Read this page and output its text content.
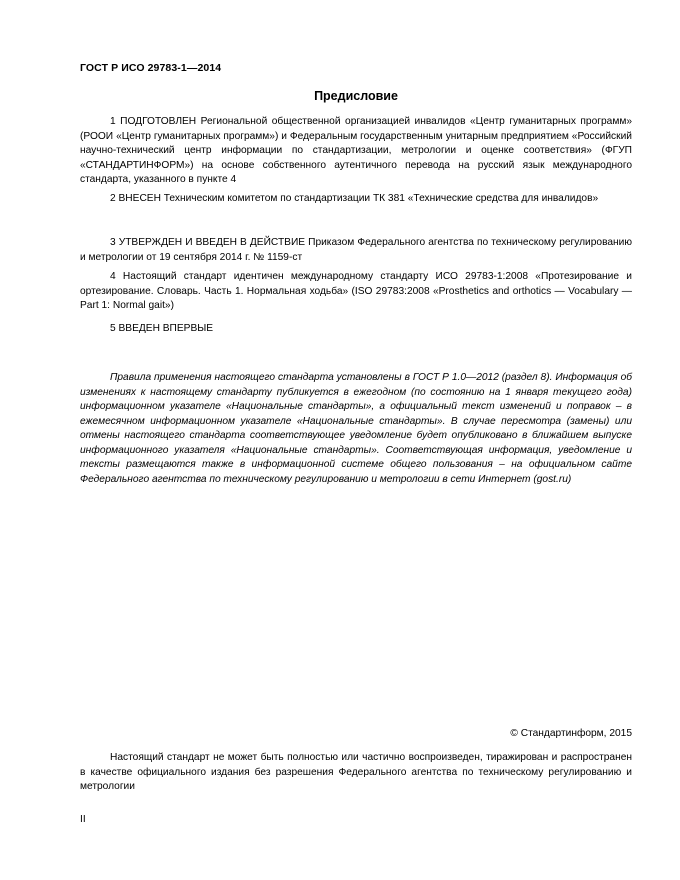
ГОСТ Р ИСО 29783-1—2014
Предисловие

1 ПОДГОТОВЛЕН Региональной общественной организацией инвалидов «Центр гуманитарных программ» (РООИ «Центр гуманитарных программ») и Федеральным государственным унитарным предприятием «Российский научно-технический центр информации по стандартизации, метрологии и оценке соответствия» (ФГУП «СТАНДАРТИНФОРМ») на основе собственного аутентичного перевода на русский язык международного стандарта, указанного в пункте 4

2 ВНЕСЕН Техническим комитетом по стандартизации ТК 381 «Технические средства для инвалидов»

3 УТВЕРЖДЕН И ВВЕДЕН В ДЕЙСТВИЕ Приказом Федерального агентства по техническому регулированию и метрологии от 19 сентября 2014 г. № 1159-ст

4 Настоящий стандарт идентичен международному стандарту ИСО 29783-1:2008 «Протезирование и ортезирование. Словарь. Часть 1. Нормальная ходьба» (ISO 29783:2008 «Prosthetics and orthotics — Vocabulary —Part 1: Normal gait»)

5 ВВЕДЕН ВПЕРВЫЕ

Правила применения настоящего стандарта установлены в ГОСТ Р 1.0—2012 (раздел 8). Информация об изменениях к настоящему стандарту публикуется в ежегодном (по состоянию на 1 января текущего года) информационном указателе «Национальные стандарты», а официальный текст изменений и поправок – в ежемесячном информационном указателе «Национальные стандарты». В случае пересмотра (замены) или отмены настоящего стандарта соответствующее уведомление будет опубликовано в ближайшем выпуске информационного указателя «Национальные стандарты». Соответствующая информация, уведомление и тексты размещаются также в информационной системе общего пользования – на официальном сайте Федерального агентства по техническому регулированию и метрологии в сети Интернет (gost.ru)

© Стандартинформ, 2015

Настоящий стандарт не может быть полностью или частично воспроизведен, тиражирован и распространен в качестве официального издания без разрешения Федерального агентства по техническому регулированию и метрологии

II
